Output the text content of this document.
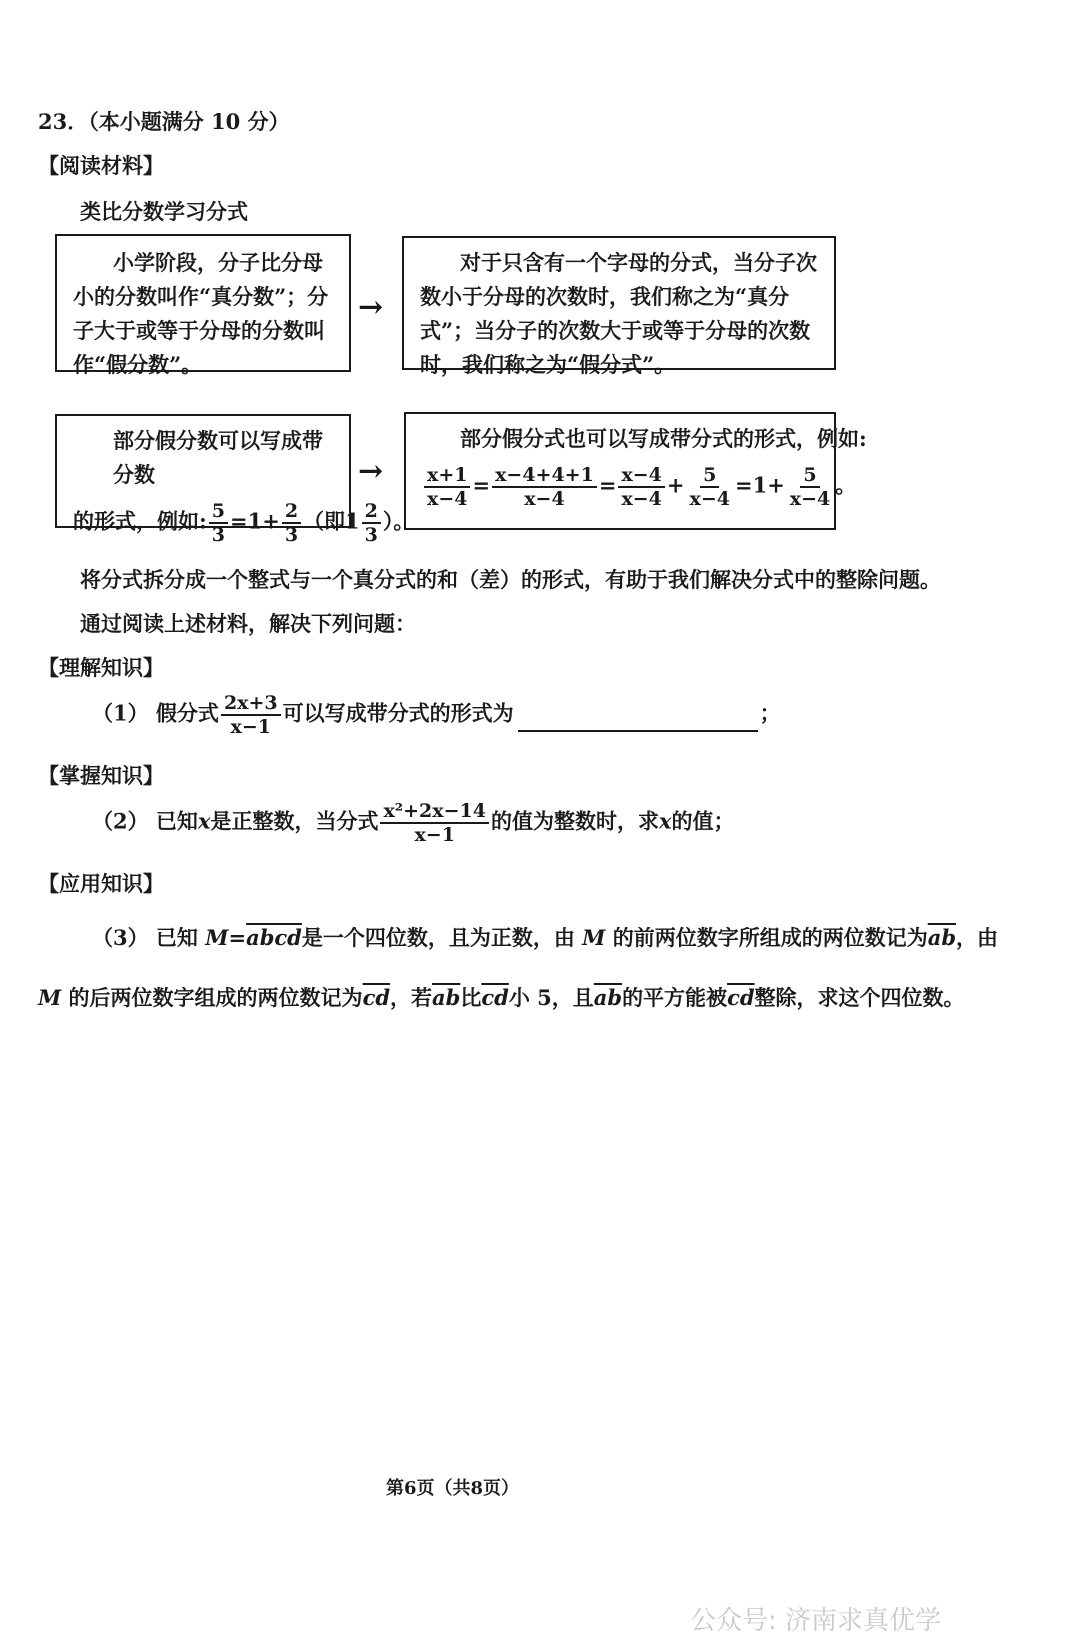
23．（本小题满分 10 分）
【阅读材料】
类比分数学习分式
小学阶段，分子比分母小的分数叫作“真分数”；分子大于或等于分母的分数叫作“假分数”。
→
对于只含有一个字母的分式，当分子次数小于分母的次数时，我们称之为“真分式”；当分子的次数大于或等于分母的次数时，我们称之为“假分式”。
部分假分数可以写成带分数
的形式，例如: $\frac{5}{3} =1+ \frac{2}{3}$ （即$1 \frac{2}{3}$ ）。
→
部分假分式也可以写成带分式的形式，例如:
$\frac{x+1}{x-4} = \frac{x-4+4+1}{x-4} = \frac{x-4}{x-4} + \frac{5}{x-4} =1+ \frac{5}{x-4}$ 。
将分式拆分成一个整式与一个真分式的和（差）的形式，有助于我们解决分式中的整除问题。
通过阅读上述材料，解决下列问题：
【理解知识】
（1） 假分式 $\frac{2x+3}{x-1}$ 可以写成带分式的形式为	；
【掌握知识】
（2） 已知x是正整数，当分式 $\frac{\text{x²+2x−14}}{x-1}$ 的值为整数时，求x的值；
【应用知识】
（3） 已知 M=abcd是一个四位数，且为正数，由 M 的前两位数字所组成的两位数记为$\overline{ab}$，由
M 的后两位数字组成的两位数记为$\overline{cd}$，若$\overline{ab}$比$\overline{cd}$小 5，且$\overline{ab}$的平方能被$\overline{cd}$整除，求这个四位数。
第6页（共8页）
公众号: 济南求真优学
